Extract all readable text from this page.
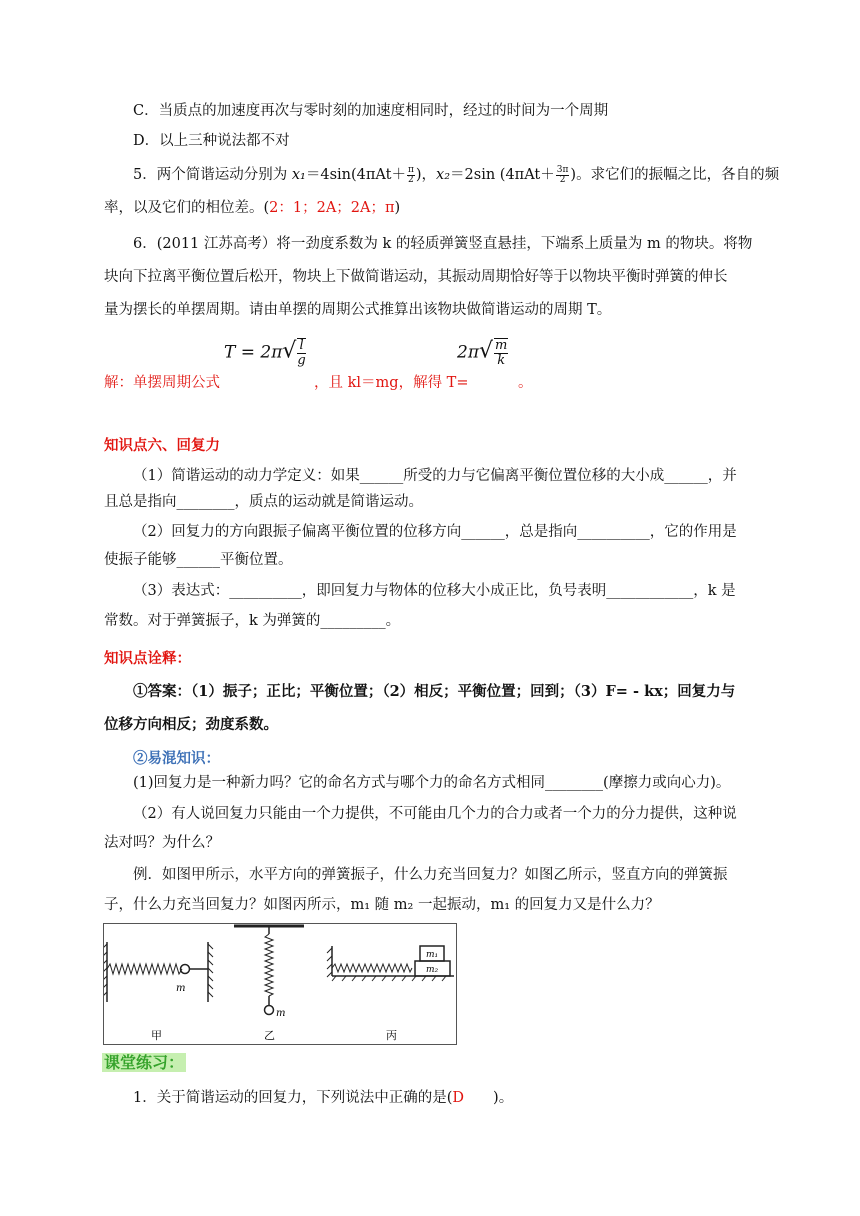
C．当质点的加速度再次与零时刻的加速度相同时，经过的时间为一个周期
D．以上三种说法都不对
5．两个简谐运动分别为 $x_1=4\sin(4\pi At+ \frac{\pi}{2}$ )，x₂＝2sin ($4\pi At+ \frac{3\pi}{2}$ )。求它们的振幅之比，各自的频
率，以及它们的相位差。(2：1；2A；2A；π)
6．(2011 江苏高考）将一劲度系数为 k 的轻质弹簧竖直悬挂，下端系上质量为 m 的物块。将物
块向下拉离平衡位置后松开，物块上下做简谐运动，其振动周期恰好等于以物块平衡时弹簧的伸长
量为摆长的单摆周期。请由单摆的周期公式推算出该物块做简谐运动的周期 T。
$T = 2\pi√ \frac{l}{g}$	$2\pi√ \frac{m}{k}$
解：单摆周期公式	，且 kl＝mg，解得 T=	。
知识点六、回复力
（1）简谐运动的动力学定义：如果______所受的力与它偏离平衡位置位移的大小成______，并
且总是指向________，质点的运动就是简谐运动。
（2）回复力的方向跟振子偏离平衡位置的位移方向______，总是指向__________，它的作用是
使振子能够______平衡位置。
（3）表达式：__________，即回复力与物体的位移大小成正比，负号表明____________，k 是
常数。对于弹簧振子，k 为弹簧的_________。
知识点诠释：
①答案：（1）振子；正比；平衡位置；（2）相反；平衡位置；回到；（3）F= - kx；回复力与
位移方向相反；劲度系数。
②易混知识：
(1)回复力是一种新力吗？它的命名方式与哪个力的命名方式相同________(摩擦力或向心力)。
（2）有人说回复力只能由一个力提供，不可能由几个力的合力或者一个力的分力提供，这种说
法对吗？为什么？
例．如图甲所示，水平方向的弹簧振子，什么力充当回复力？如图乙所示，竖直方向的弹簧振
子，什么力充当回复力？如图丙所示，m₁ 随 m₂ 一起振动，m₁ 的回复力又是什么力？
m
m
m₁
m₂
甲	乙	丙
课堂练习：
1．关于简谐运动的回复力，下列说法中正确的是(D　　)。
